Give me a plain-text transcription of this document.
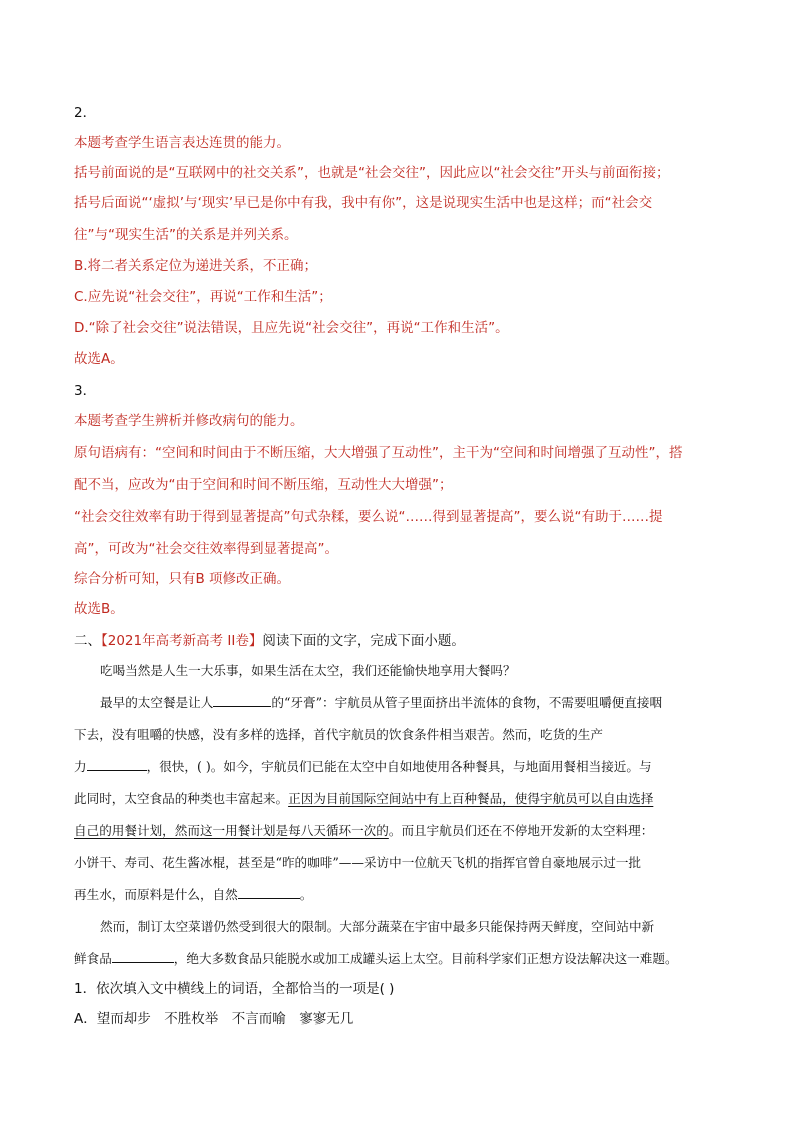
2．
本题考查学生语言表达连贯的能力。
括号前面说的是“互联网中的社交关系”，也就是“社会交往”，因此应以“社会交往”开头与前面衔接；
括号后面说“‘虚拟’与‘现实’早已是你中有我，我中有你”，这是说现实生活中也是这样；而“社会交
往”与“现实生活”的关系是并列关系。
B.将二者关系定位为递进关系，不正确；
C.应先说“社会交往”，再说“工作和生活”；
D.“除了社会交往”说法错误，且应先说“社会交往”，再说“工作和生活”。
故选A。
3．
本题考查学生辨析并修改病句的能力。
原句语病有：“空间和时间由于不断压缩，大大增强了互动性”，主干为“空间和时间增强了互动性”，搭
配不当，应改为“由于空间和时间不断压缩，互动性大大增强”；
“社会交往效率有助于得到显著提高”句式杂糅，要么说“……得到显著提高”，要么说“有助于……提
高”，可改为“社会交往效率得到显著提高”。
综合分析可知，只有B 项修改正确。
故选B。
二、【2021年高考新高考 II卷】阅读下面的文字，完成下面小题。
吃喝当然是人生一大乐事，如果生活在太空，我们还能愉快地享用大餐吗？
最早的太空餐是让人	的“牙膏”：宇航员从管子里面挤出半流体的食物，不需要咀嚼便直接咽
下去，没有咀嚼的快感，没有多样的选择，首代宇航员的饮食条件相当艰苦。然而，吃货的生产
力	，很快，( )。如今，宇航员们已能在太空中自如地使用各种餐具，与地面用餐相当接近。与
此同时，太空食品的种类也丰富起来。正因为目前国际空间站中有上百种餐品，使得宇航员可以自由选择
自己的用餐计划，然而这一用餐计划是每八天循环一次的。而且宇航员们还在不停地开发新的太空料理：
小饼干、寿司、花生酱冰棍，甚至是“昨的咖啡”——采访中一位航天飞机的指挥官曾自豪地展示过一批
再生水，而原料是什么，自然	。
然而，制订太空菜谱仍然受到很大的限制。大部分蔬菜在宇宙中最多只能保持两天鲜度，空间站中新
鲜食品	，绝大多数食品只能脱水或加工成罐头运上太空。目前科学家们正想方设法解决这一难题。
1．依次填入文中横线上的词语，全都恰当的一项是( )
A．望而却步　不胜枚举　不言而喻　寥寥无几
